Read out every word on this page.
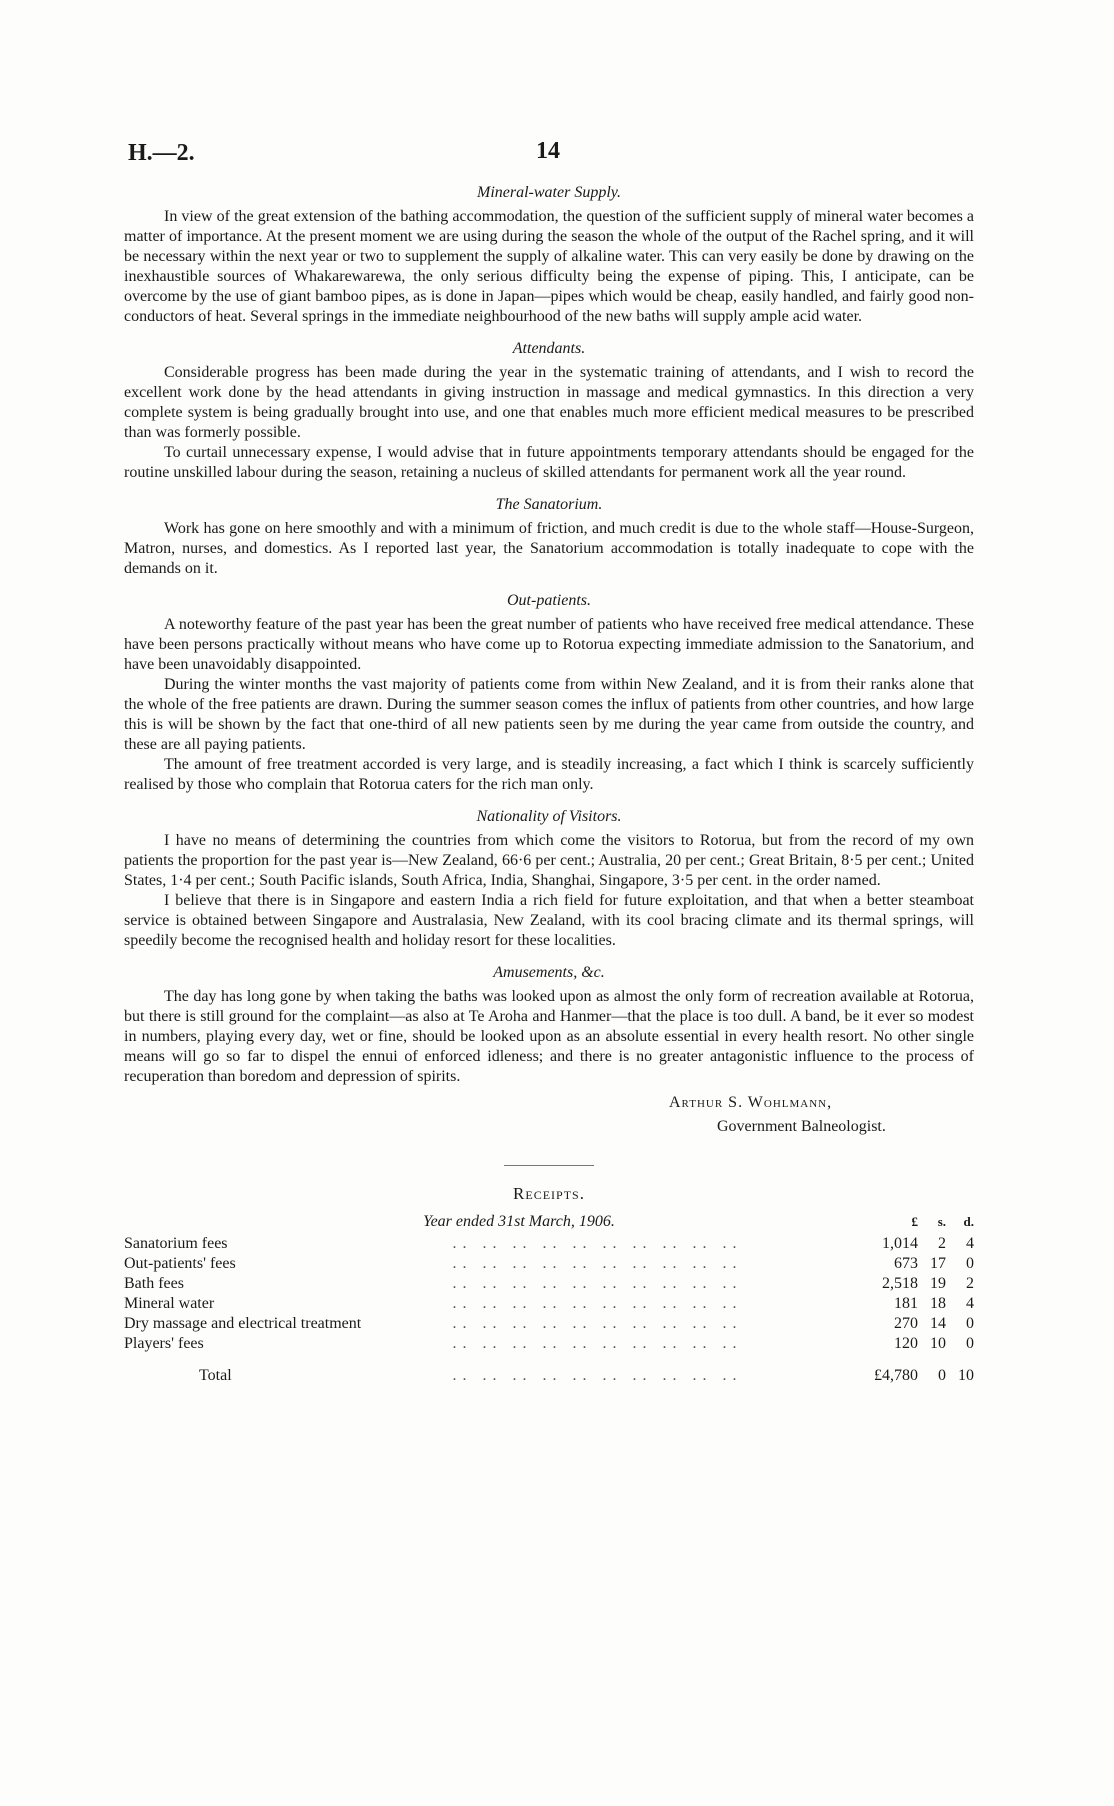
H.—2.	14

Mineral-water Supply.

In view of the great extension of the bathing accommodation, the question of the sufficient supply of mineral water becomes a matter of importance. At the present moment we are using during the season the whole of the output of the Rachel spring, and it will be necessary within the next year or two to supplement the supply of alkaline water. This can very easily be done by drawing on the inexhaustible sources of Whakarewarewa, the only serious difficulty being the expense of piping. This, I anticipate, can be overcome by the use of giant bamboo pipes, as is done in Japan—pipes which would be cheap, easily handled, and fairly good non-conductors of heat. Several springs in the immediate neighbourhood of the new baths will supply ample acid water.

Attendants.

Considerable progress has been made during the year in the systematic training of attendants, and I wish to record the excellent work done by the head attendants in giving instruction in massage and medical gymnastics. In this direction a very complete system is being gradually brought into use, and one that enables much more efficient medical measures to be prescribed than was formerly possible.

To curtail unnecessary expense, I would advise that in future appointments temporary attendants should be engaged for the routine unskilled labour during the season, retaining a nucleus of skilled attendants for permanent work all the year round.

The Sanatorium.

Work has gone on here smoothly and with a minimum of friction, and much credit is due to the whole staff—House-Surgeon, Matron, nurses, and domestics. As I reported last year, the Sanatorium accommodation is totally inadequate to cope with the demands on it.

Out-patients.

A noteworthy feature of the past year has been the great number of patients who have received free medical attendance. These have been persons practically without means who have come up to Rotorua expecting immediate admission to the Sanatorium, and have been unavoidably disappointed.

During the winter months the vast majority of patients come from within New Zealand, and it is from their ranks alone that the whole of the free patients are drawn. During the summer season comes the influx of patients from other countries, and how large this is will be shown by the fact that one-third of all new patients seen by me during the year came from outside the country, and these are all paying patients.

The amount of free treatment accorded is very large, and is steadily increasing, a fact which I think is scarcely sufficiently realised by those who complain that Rotorua caters for the rich man only.

Nationality of Visitors.

I have no means of determining the countries from which come the visitors to Rotorua, but from the record of my own patients the proportion for the past year is—New Zealand, 66·6 per cent.; Australia, 20 per cent.; Great Britain, 8·5 per cent.; United States, 1·4 per cent.; South Pacific islands, South Africa, India, Shanghai, Singapore, 3·5 per cent. in the order named.

I believe that there is in Singapore and eastern India a rich field for future exploitation, and that when a better steamboat service is obtained between Singapore and Australasia, New Zealand, with its cool bracing climate and its thermal springs, will speedily become the recognised health and holiday resort for these localities.

Amusements, &c.

The day has long gone by when taking the baths was looked upon as almost the only form of recreation available at Rotorua, but there is still ground for the complaint—as also at Te Aroha and Hanmer—that the place is too dull. A band, be it ever so modest in numbers, playing every day, wet or fine, should be looked upon as an absolute essential in every health resort. No other single means will go so far to dispel the ennui of enforced idleness; and there is no greater antagonistic influence to the process of recuperation than boredom and depression of spirits.

Arthur S. Wohlmann,
Government Balneologist.
Receipts.
Year ended 31st March, 1906.	£	s.	d.
Sanatorium fees	.. .. .. .. .. .. .. .. .. ..	1,014	2	4
Out-patients' fees	.. .. .. .. .. .. .. .. .. ..	673	17	0
Bath fees	.. .. .. .. .. .. .. .. .. ..	2,518	19	2
Mineral water	.. .. .. .. .. .. .. .. .. ..	181	18	4
Dry massage and electrical treatment	.. .. .. .. .. .. .. .. .. ..	270	14	0
Players' fees	.. .. .. .. .. .. .. .. .. ..	120	10	0
Total	.. .. .. .. .. .. .. .. .. ..	£4,780	0	10
